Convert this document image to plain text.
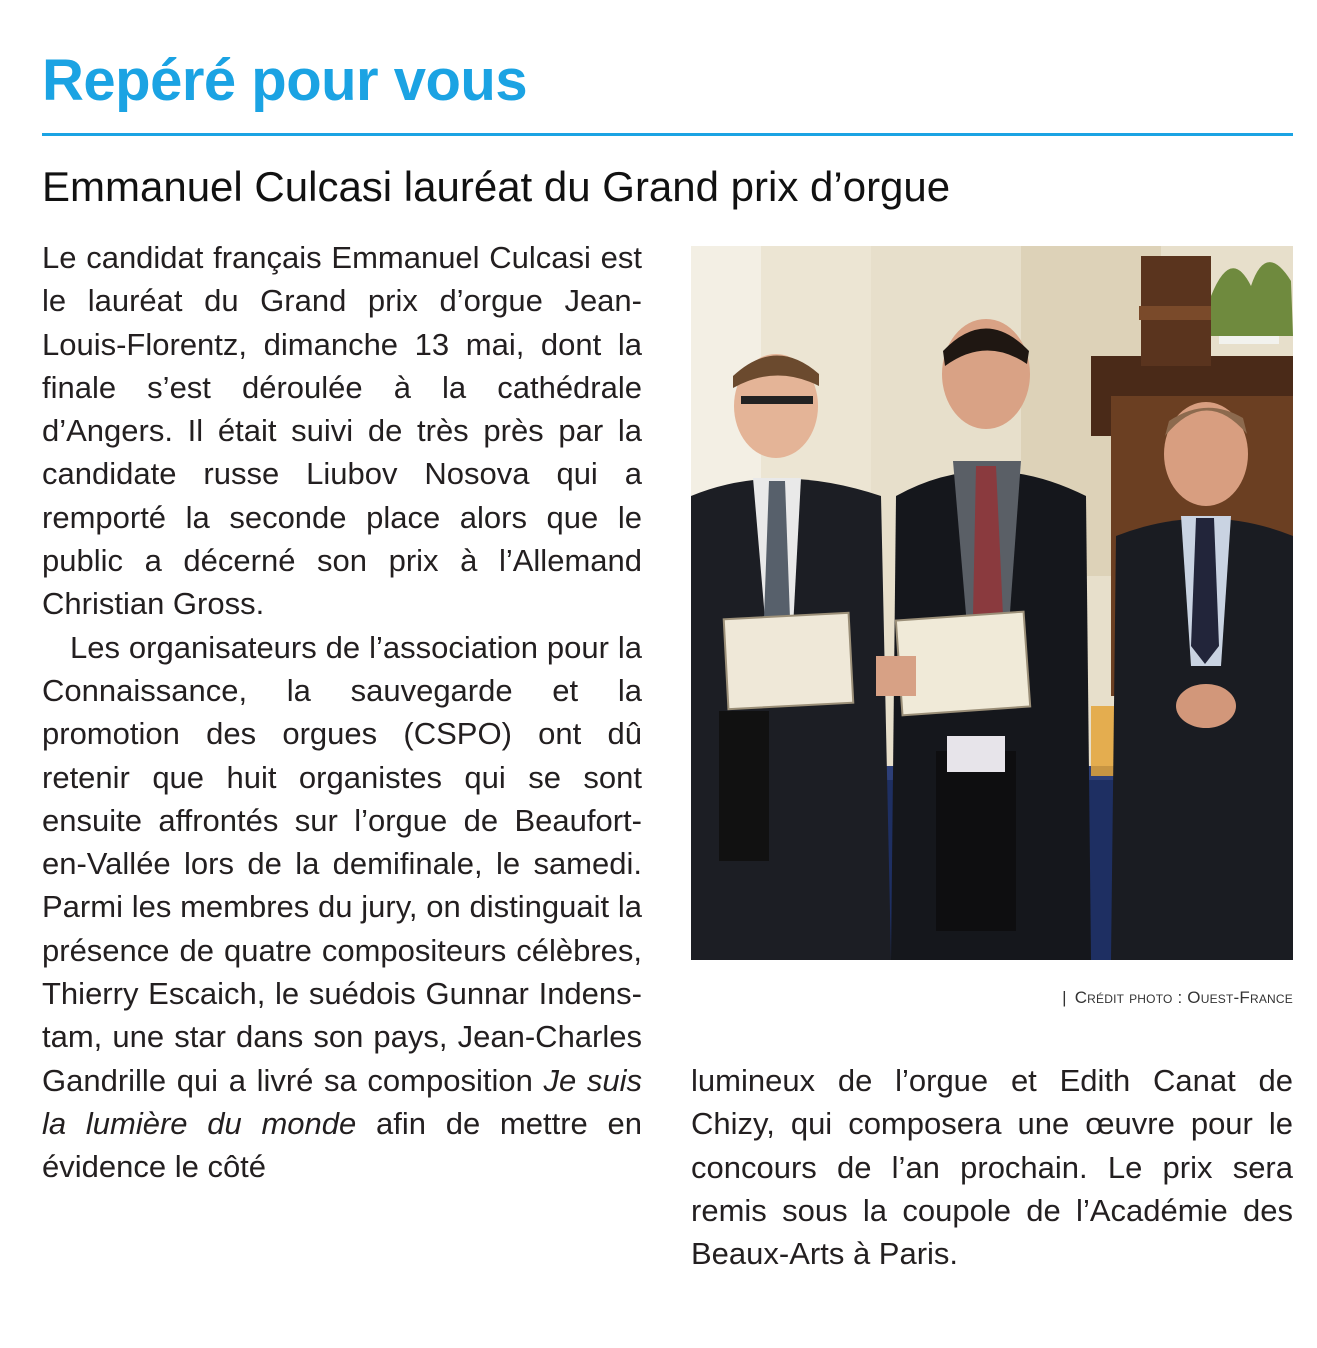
Repéré pour vous
Emmanuel Culcasi lauréat du Grand prix d’orgue

Le candidat français Emmanuel Culcasi est le lauréat du Grand prix d’orgue Jean-Louis-Florentz, dimanche 13 mai, dont la finale s’est déroulée à la cathédrale d’Angers. Il était suivi de très près par la candidate russe Liubov Nosova qui a remporté la seconde place alors que le public a décerné son prix à l’Allemand Christian Gross.

Les organisateurs de l’association pour la Connaissance, la sauvegarde et la promotion des orgues (CSPO) ont dû retenir que huit organistes qui se sont ensuite affrontés sur l’orgue de Beaufort-en-Vallée lors de la demifinale, le samedi. Parmi les membres du jury, on distinguait la présence de quatre compositeurs célèbres, Thierry Escaich, le suédois Gunnar Indenstam, une star dans son pays, Jean-Charles Gandrille qui a livré sa composition Je suis la lumière du monde afin de mettre en évidence le côté

| Crédit photo : Ouest-France

lumineux de l’orgue et Edith Canat de Chizy, qui composera une œuvre pour le concours de l’an prochain. Le prix sera remis sous la coupole de l’Académie des Beaux-Arts à Paris.
